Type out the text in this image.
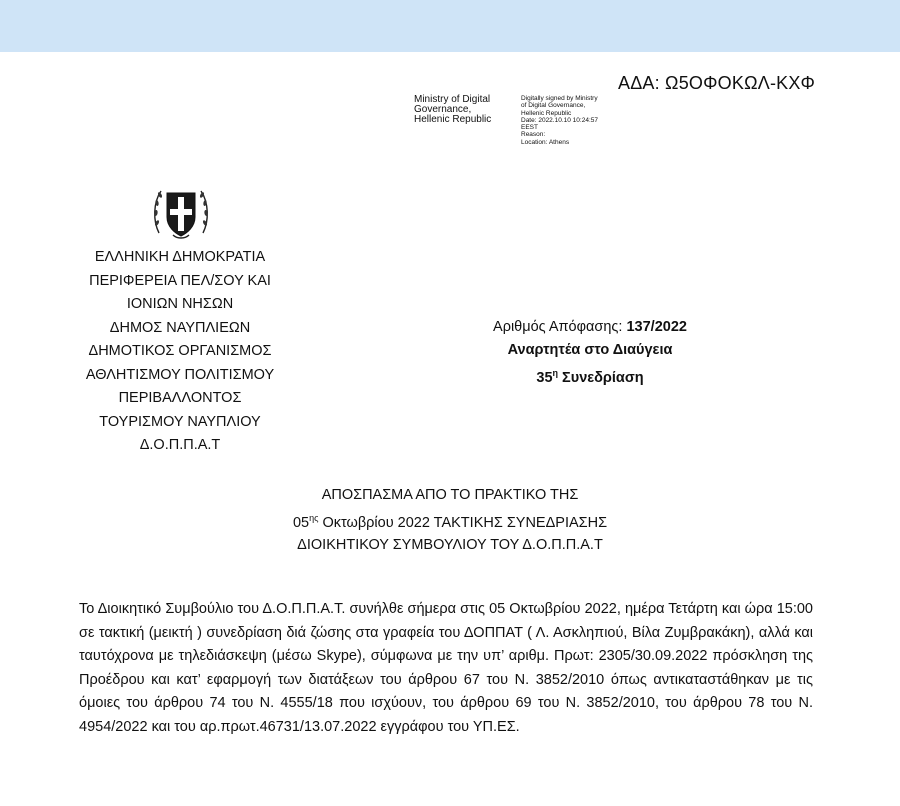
ΑΔΑ: Ω5ΟΦΟΚΩΛ-ΚΧΦ
Ministry of Digital
Governance,
Hellenic Republic
Digitally signed by Ministry
of Digital Governance,
Hellenic Republic
Date: 2022.10.10 10:24:57
EEST
Reason:
Location: Athens
ΕΛΛΗΝΙΚΗ ΔΗΜΟΚΡΑΤΙΑ
ΠΕΡΙΦΕΡΕΙΑ ΠΕΛ/ΣΟΥ ΚΑΙ
ΙΟΝΙΩΝ ΝΗΣΩΝ
ΔΗΜΟΣ ΝΑΥΠΛΙΕΩΝ
ΔΗΜΟΤΙΚΟΣ ΟΡΓΑΝΙΣΜΟΣ
ΑΘΛΗΤΙΣΜΟΥ ΠΟΛΙΤΙΣΜΟΥ
ΠΕΡΙΒΑΛΛΟΝΤΟΣ
ΤΟΥΡΙΣΜΟΥ ΝΑΥΠΛΙΟΥ
Δ.Ο.Π.Π.Α.Τ
Αριθμός Απόφασης: 137/2022
Αναρτητέα στο Διαύγεια
$35^\eta$ Συνεδρίαση
ΑΠΟΣΠΑΣΜΑ ΑΠΟ ΤΟ ΠΡΑΚΤΙΚΟ ΤΗΣ
$05^{\eta\varsigma}$ Οκτωβρίου 2022 ΤΑΚΤΙΚΗΣ ΣΥΝΕΔΡΙΑΣΗΣ
ΔΙΟΙΚΗΤΙΚΟΥ ΣΥΜΒΟΥΛΙΟΥ ΤΟΥ Δ.Ο.Π.Π.Α.Τ
Το Διοικητικό Συμβούλιο του Δ.Ο.Π.Π.Α.Τ. συνήλθε σήμερα στις 05 Οκτωβρίου 2022, ημέρα Τετάρτη και ώρα 15:00 σε τακτική (μεικτή ) συνεδρίαση διά ζώσης στα γραφεία του ΔΟΠΠΑΤ ( Λ. Ασκληπιού, Βίλα Ζυμβρακάκη), αλλά και ταυτόχρονα με τηλεδιάσκεψη (μέσω Skype), σύμφωνα με την υπ’ αριθμ. Πρωτ: 2305/30.09.2022 πρόσκληση της Προέδρου και κατ’ εφαρμογή των διατάξεων του άρθρου 67 του Ν. 3852/2010 όπως αντικαταστάθηκαν με τις όμοιες του άρθρου 74 του Ν. 4555/18 που ισχύουν, του άρθρου 69 του Ν. 3852/2010, του άρθρου 78 του Ν. 4954/2022 και του αρ.πρωτ.46731/13.07.2022 εγγράφου του ΥΠ.ΕΣ.
